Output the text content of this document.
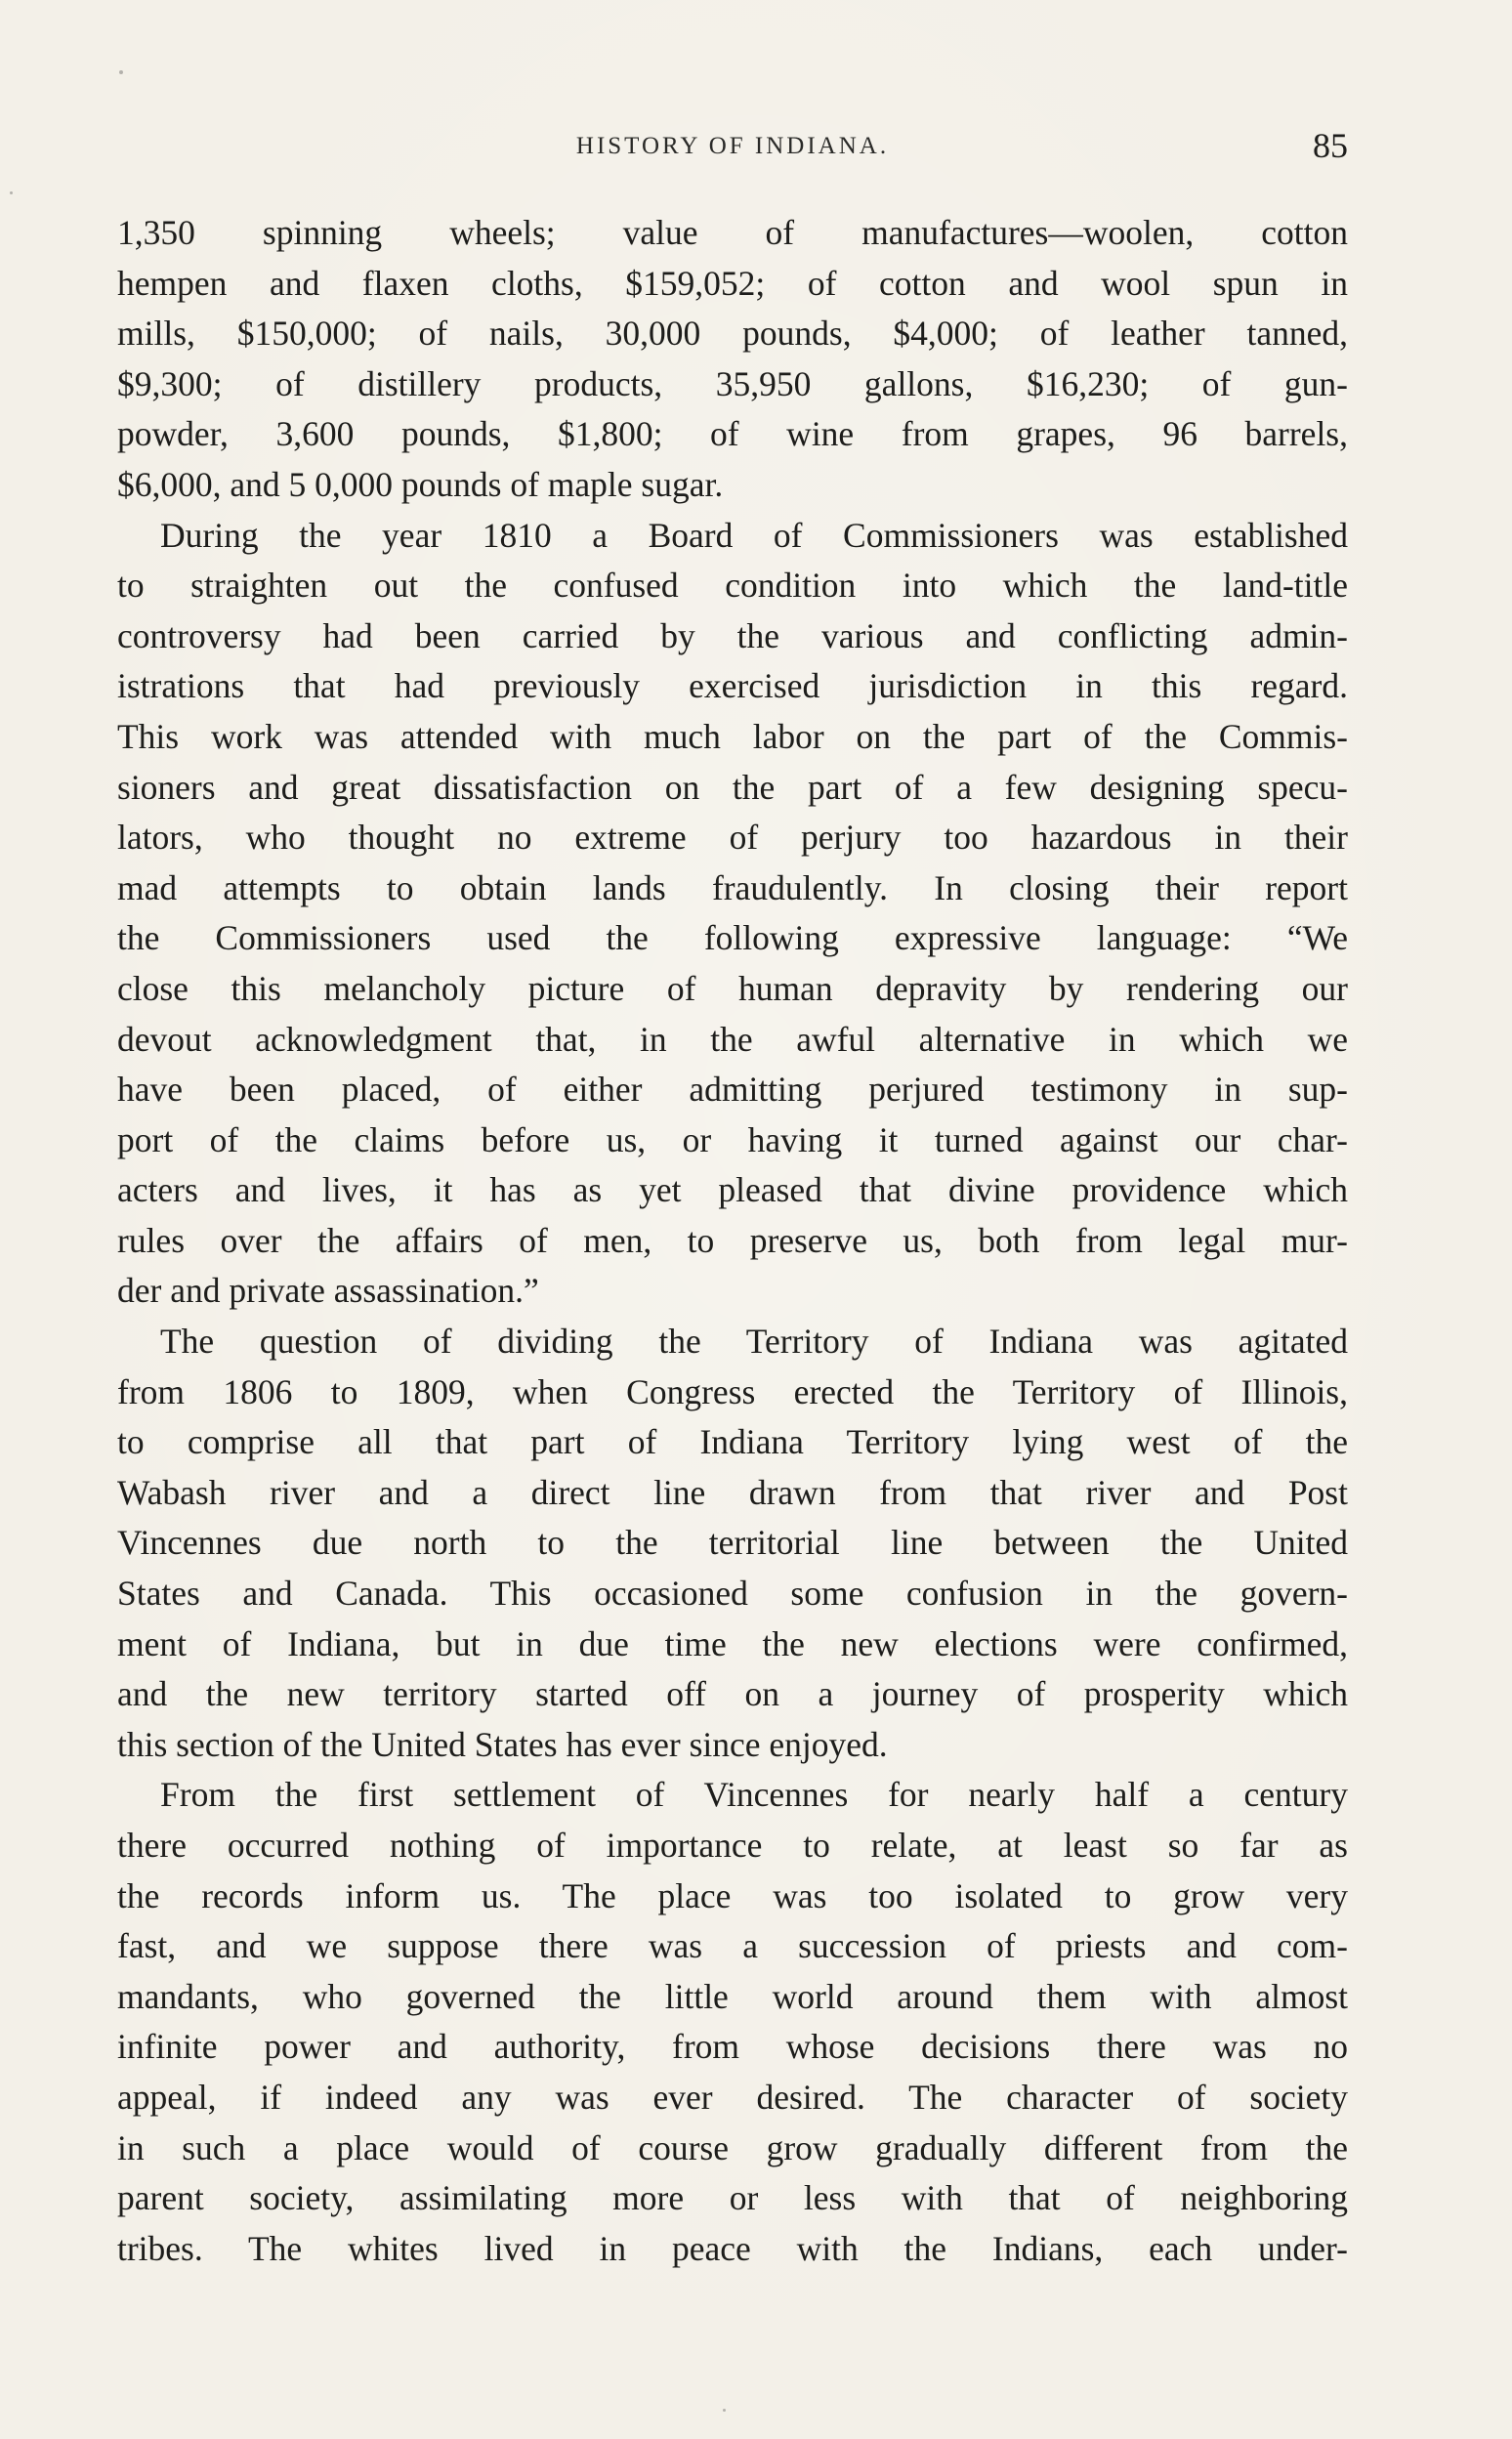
HISTORY OF INDIANA.	85
1,350 spinning wheels; value of manufactures—woolen, cotton
hempen and flaxen cloths, $159,052; of cotton and wool spun in
mills, $150,000; of nails, 30,000 pounds, $4,000; of leather tanned,
$9,300; of distillery products, 35,950 gallons, $16,230; of gun-
powder, 3,600 pounds, $1,800; of wine from grapes, 96 barrels,
$6,000, and 5 0,000 pounds of maple sugar.
During the year 1810 a Board of Commissioners was established
to straighten out the confused condition into which the land-title
controversy had been carried by the various and conflicting admin-
istrations that had previously exercised jurisdiction in this regard.
This work was attended with much labor on the part of the Commis-
sioners and great dissatisfaction on the part of a few designing specu-
lators, who thought no extreme of perjury too hazardous in their
mad attempts to obtain lands fraudulently. In closing their report
the Commissioners used the following expressive language: “We
close this melancholy picture of human depravity by rendering our
devout acknowledgment that, in the awful alternative in which we
have been placed, of either admitting perjured testimony in sup-
port of the claims before us, or having it turned against our char-
acters and lives, it has as yet pleased that divine providence which
rules over the affairs of men, to preserve us, both from legal mur-
der and private assassination.”
The question of dividing the Territory of Indiana was agitated
from 1806 to 1809, when Congress erected the Territory of Illinois,
to comprise all that part of Indiana Territory lying west of the
Wabash river and a direct line drawn from that river and Post
Vincennes due north to the territorial line between the United
States and Canada. This occasioned some confusion in the govern-
ment of Indiana, but in due time the new elections were confirmed,
and the new territory started off on a journey of prosperity which
this section of the United States has ever since enjoyed.
From the first settlement of Vincennes for nearly half a century
there occurred nothing of importance to relate, at least so far as
the records inform us. The place was too isolated to grow very
fast, and we suppose there was a succession of priests and com-
mandants, who governed the little world around them with almost
infinite power and authority, from whose decisions there was no
appeal, if indeed any was ever desired. The character of society
in such a place would of course grow gradually different from the
parent society, assimilating more or less with that of neighboring
tribes. The whites lived in peace with the Indians, each under-
